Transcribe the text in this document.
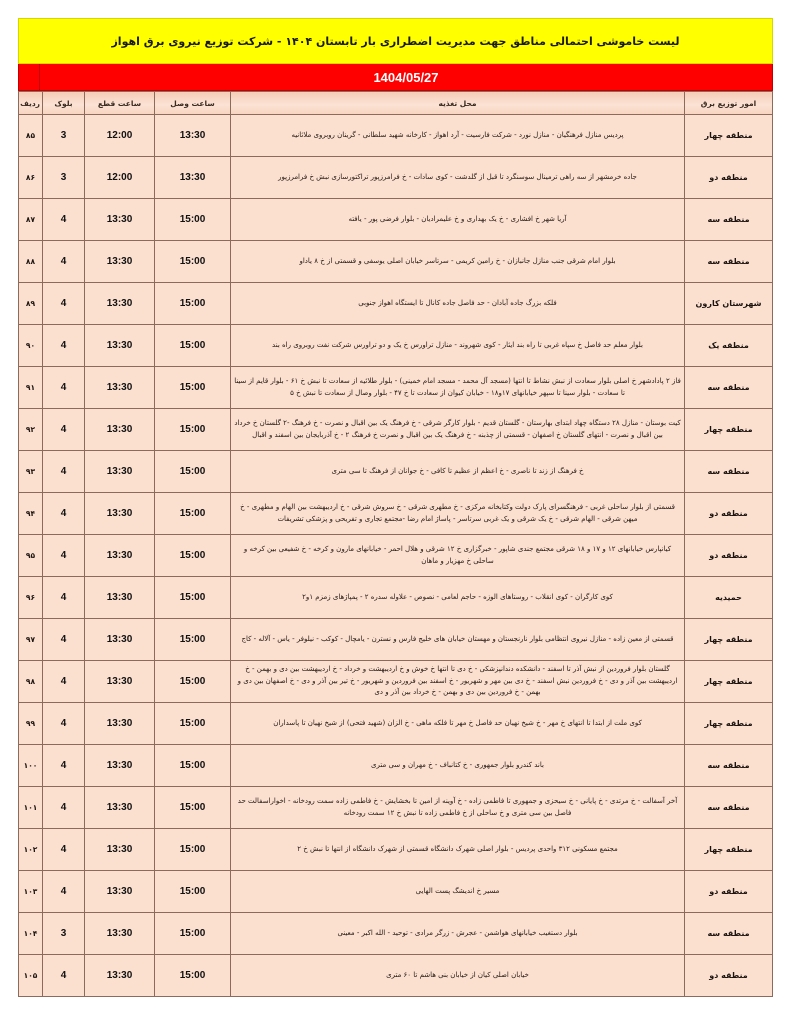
لیست خاموشی احتمالی مناطق جهت مدیریت اضطراری بار تابستان ۱۴۰۴ - شرکت توزیع نیروی برق اهواز
1404/05/27
امور توزیع برق	محل تغذیه	ساعت وصل	ساعت قطع	بلوک	ردیف
منطقه چهار	پردیس منازل فرهنگیان - منازل نورد - شرکت فارسیت - آرد اهواز - کارخانه شهید سلطانی - گرینان روبروی ملاثانیه	13:30	12:00	3	۸۵
منطقه دو	جاده خرمشهر از سه راهی ترمینال سوسنگرد تا قبل از گلدشت - کوی سادات - خ فرامرزپور تراکتورسازی نبش خ فرامرزپور	13:30	12:00	3	۸۶
منطقه سه	آریا شهر خ افشاری - خ یک بهداری و خ علیمرادیان - بلوار فرضی پور - یافته	15:00	13:30	4	۸۷
منطقه سه	بلوار امام شرقی جنب منازل جانبازان - خ رامین کریمی - سرتاسر خیابان اصلی یوسفی و قسمتی از خ ۸ یاداو	15:00	13:30	4	۸۸
شهرستان کارون	فلکه بزرگ جاده آبادان - حد فاصل جاده کانال تا ایستگاه اهواز جنوبی	15:00	13:30	4	۸۹
منطقه یک	بلوار معلم حد فاصل خ سپاه غربی تا راه بند ایثار - کوی شهروند - منازل تراورس خ یک و دو تراورس شرکت نفت روبروی راه بند	15:00	13:30	4	۹۰
منطقه سه	فاز ۲ پادادشهر خ اصلی بلوار سعادت از نبش نشاط تا انتها (مسجد آل محمد - مسجد امام خمینی) - بلوار طلائیه از سعادت تا نبش خ ۶۱ - بلوار قایم از سینا تا سعادت - بلوار سینا تا سپهر خیابانهای ۱۷و۱۸ - خیابان کیوان از سعادت تا خ ۴۷ - بلوار وصال از سعادت تا نبش خ ۵	15:00	13:30	4	۹۱
منطقه چهار	کیت بوستان - منازل ۲۸ دستگاه چهاد ابتدای بهارستان - گلستان قدیم - بلوار کارگر شرقی - خ فرهنگ یک بین اقبال و نصرت - خ فرهنگ -۲ گلستان خ خرداد بین اقبال و نصرت - انتهای گلستان خ اصفهان - قسمتی از چذبنه - خ فرهنگ یک بین اقبال و نصرت خ فرهنگ ۲ - خ آذربایجان بین اسفند و اقبال	15:00	13:30	4	۹۲
منطقه سه	خ فرهنگ از زند تا ناصری - خ اعظم از عظیم تا کافی - خ جوانان از فرهنگ تا سی متری	15:00	13:30	4	۹۳
منطقه دو	قسمتی از بلوار ساحلی غربی - فرهنگسرای پارک دولت وکتابخانه مرکزی - خ مطهری شرقی - خ سروش شرقی - خ اردیبهشت بین الهام و مطهری - خ میهن شرقی - الهام شرقی - خ یک شرقی و یک غربی سرتاسر - پاساژ امام رضا -مجتمع تجاری و تفریحی و پزشکی تشریفات	15:00	13:30	4	۹۴
منطقه دو	کیانپارس خیابانهای ۱۲ و ۱۷ و ۱۸ شرقی مجتمع جندی شاپور - خبرگزاری خ ۱۲ شرقی و هلال احمر - خیابانهای مارون و کرخه - خ شفیعی بین کرخه و ساحلی خ مهزیار و ماهان	15:00	13:30	4	۹۵
حمیدیه	کوی کارگران - کوی انقلاب - روستاهای الوزه - حاجم لعامی - نصوص - علاوله سدره ۲ - پمپاژهای زمزم ۱و۲	15:00	13:30	4	۹۶
منطقه چهار	قسمتی از معین زاده - منازل نیروی انتظامی بلوار نارنجستان و مهستان خیابان های خلیج فارس و نسترن - یامچال - کوکب - نیلوفر - یاس - آلاله - کاج	15:00	13:30	4	۹۷
منطقه چهار	گلستان بلوار فروردین از نبش آذر تا اسفند - دانشکده دندانپزشکی - خ دی تا انتها خ خوش و خ اردیبهشت و خرداد - خ اردیبهشت بین دی و بهمن - خ اردیبهشت بین آذر و دی - خ فروردین نبش اسفند - خ دی بین مهر و شهریور - خ اسفند بین فروردین و شهریور - خ تیر بین آذر و دی - خ اصفهان بین دی و بهمن - خ فروردین بین دی و بهمن - خ خرداد بین آذر و دی	15:00	13:30	4	۹۸
منطقه چهار	کوی ملت از ابتدا تا انتهای خ مهر - خ شیخ نهیان حد فاصل خ مهر تا فلکه ماهی - خ الزان (شهید فتحی) از شیخ نهیان تا پاسداران	15:00	13:30	4	۹۹
منطقه سه	باند کندرو بلوار جمهوری - خ کتانباف - خ مهران و سی متری	15:00	13:30	4	۱۰۰
منطقه سه	آخر آسفالت - خ مرتدی - خ پایانی - خ سیحزی و جمهوری تا فاطمی زاده - خ آوینه از امین تا بخشایش - خ فاطمی زاده سمت رودخانه - اخواراسفالت حد فاصل بین سی متری و خ ساحلی از خ فاطمی زاده تا نبش خ ۱۲ سمت رودخانه	15:00	13:30	4	۱۰۱
منطقه چهار	مجتمع مسکونی ۳۱۲ واحدی پردیس - بلوار اصلی شهرک دانشگاه قسمتی از شهرک دانشگاه از انتها تا نبش خ ۲	15:00	13:30	4	۱۰۲
منطقه دو	مسیر خ اندیشگ پست الهایی	15:00	13:30	4	۱۰۳
منطقه سه	بلوار دستغیب خیابانهای هواشمن - عجرش - زرگر مرادی - توحید - الله اکبر - معینی	15:00	13:30	3	۱۰۴
منطقه دو	خیابان اصلی کیان از خیابان بنی هاشم تا ۶۰ متری	15:00	13:30	4	۱۰۵
